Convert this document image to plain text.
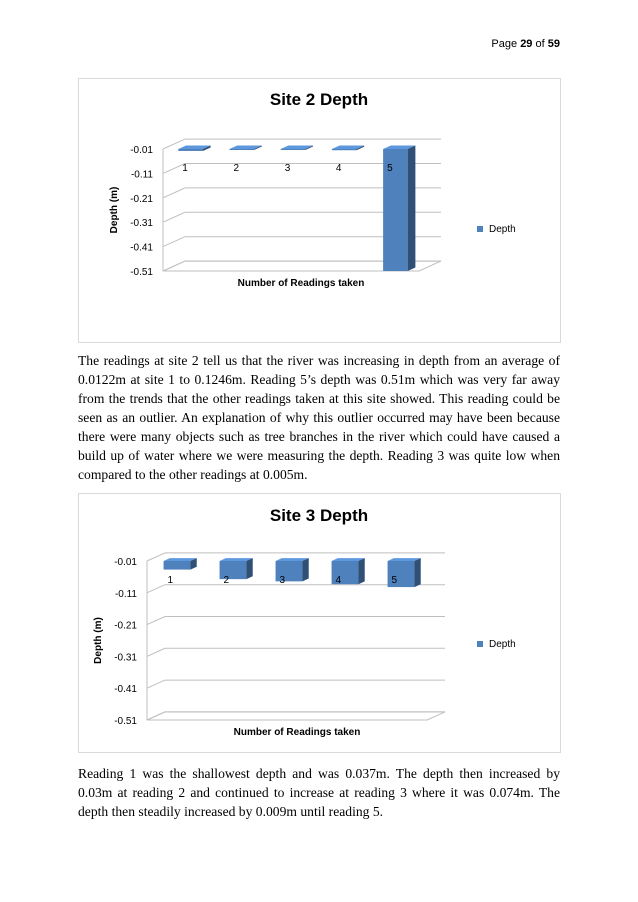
Page 29 of 59
Site 2 Depth
-0.01
-0.11
-0.21
-0.31
-0.41
-0.51
Depth (m)
Number of Readings taken
1	2	3	4	5
Depth
The readings at site 2 tell us that the river was increasing in depth from an average of 0.0122m at site 1 to 0.1246m. Reading 5’s depth was 0.51m which was very far away from the trends that the other readings taken at this site showed. This reading could be seen as an outlier. An explanation of why this outlier occurred may have been because there were many objects such as tree branches in the river which could have caused a build up of water where we were measuring the depth. Reading 3 was quite low when compared to the other readings at 0.005m.
Site 3 Depth
-0.01
-0.11
-0.21
-0.31
-0.41
-0.51
Depth (m)
Number of Readings taken
1	2	3	4	5
Depth
Reading 1 was the shallowest depth and was 0.037m. The depth then increased by 0.03m at reading 2 and continued to increase at reading 3 where it was 0.074m. The depth then steadily increased by 0.009m until reading 5.
